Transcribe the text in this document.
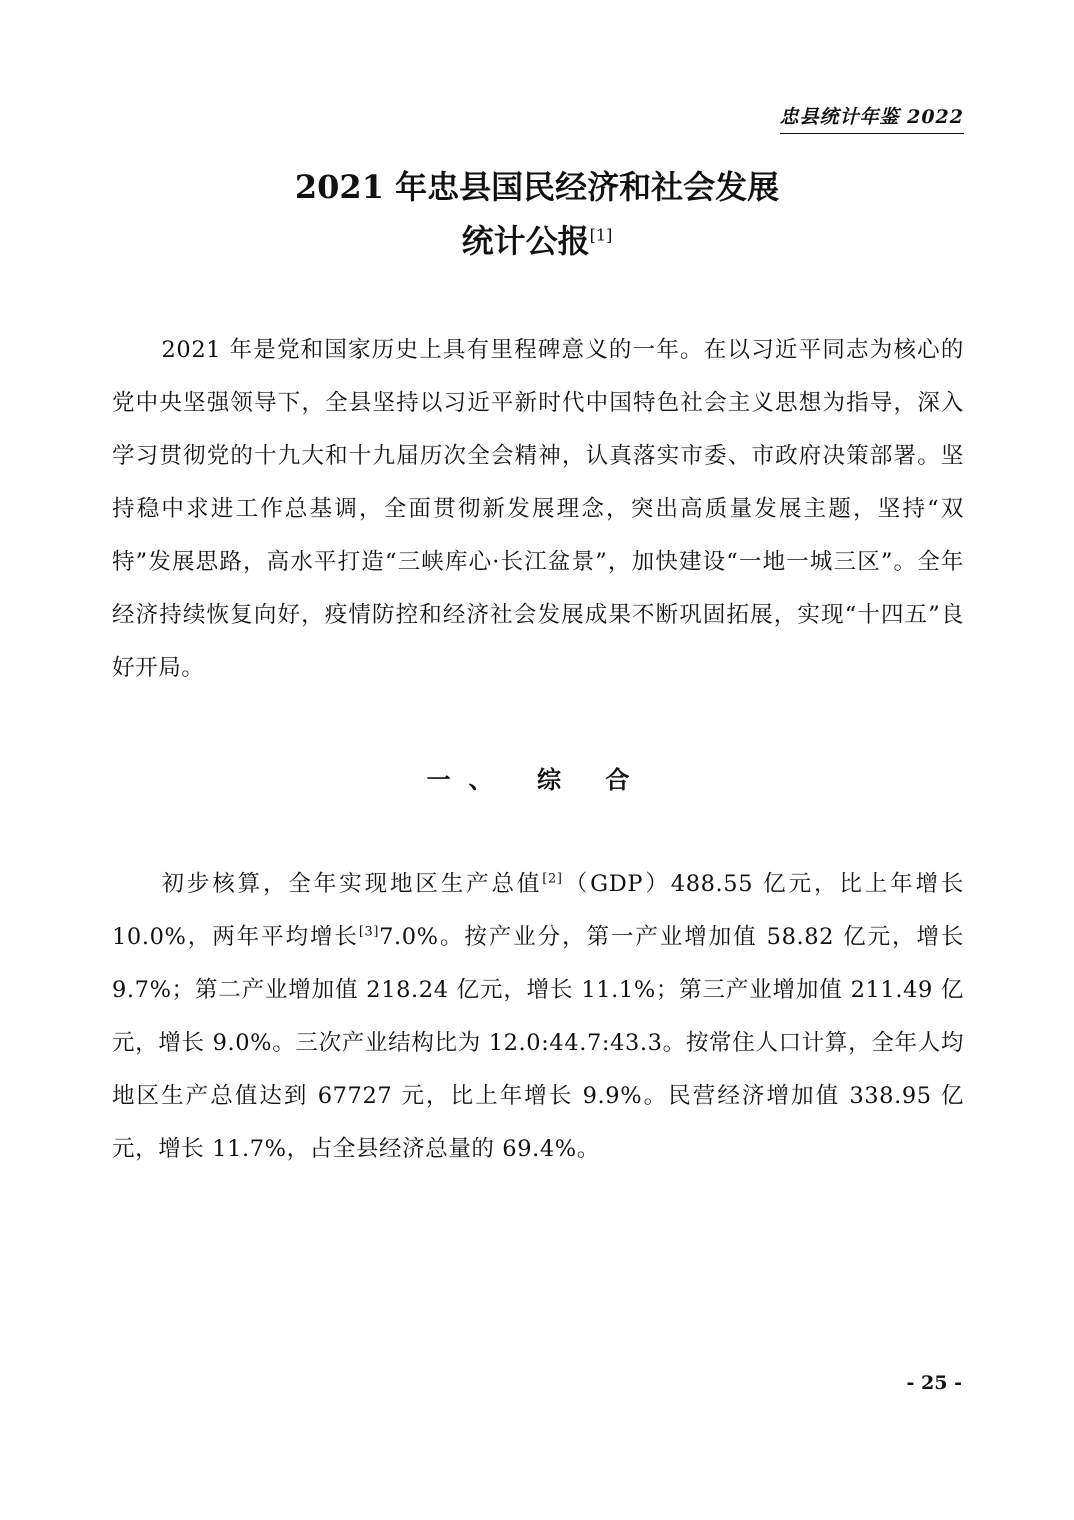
忠县统计年鉴 2022
2021 年忠县国民经济和社会发展
统计公报[1]

2021 年是党和国家历史上具有里程碑意义的一年。在以习近平同志为核心的党中央坚强领导下，全县坚持以习近平新时代中国特色社会主义思想为指导，深入学习贯彻党的十九大和十九届历次全会精神，认真落实市委、市政府决策部署。坚持稳中求进工作总基调，全面贯彻新发展理念，突出高质量发展主题，坚持“双特”发展思路，高水平打造“三峡库心·长江盆景”，加快建设“一地一城三区”。全年经济持续恢复向好，疫情防控和经济社会发展成果不断巩固拓展，实现“十四五”良好开局。

一、 综 合

初步核算，全年实现地区生产总值[2]（GDP）488.55 亿元，比上年增长 10.0%，两年平均增长[3]7.0%。按产业分，第一产业增加值 58.82 亿元，增长 9.7%；第二产业增加值 218.24 亿元，增长 11.1%；第三产业增加值 211.49 亿元，增长 9.0%。三次产业结构比为 12.0:44.7:43.3。按常住人口计算，全年人均地区生产总值达到 67727 元，比上年增长 9.9%。民营经济增加值 338.95 亿元，增长 11.7%，占全县经济总量的 69.4%。

- 25 -
